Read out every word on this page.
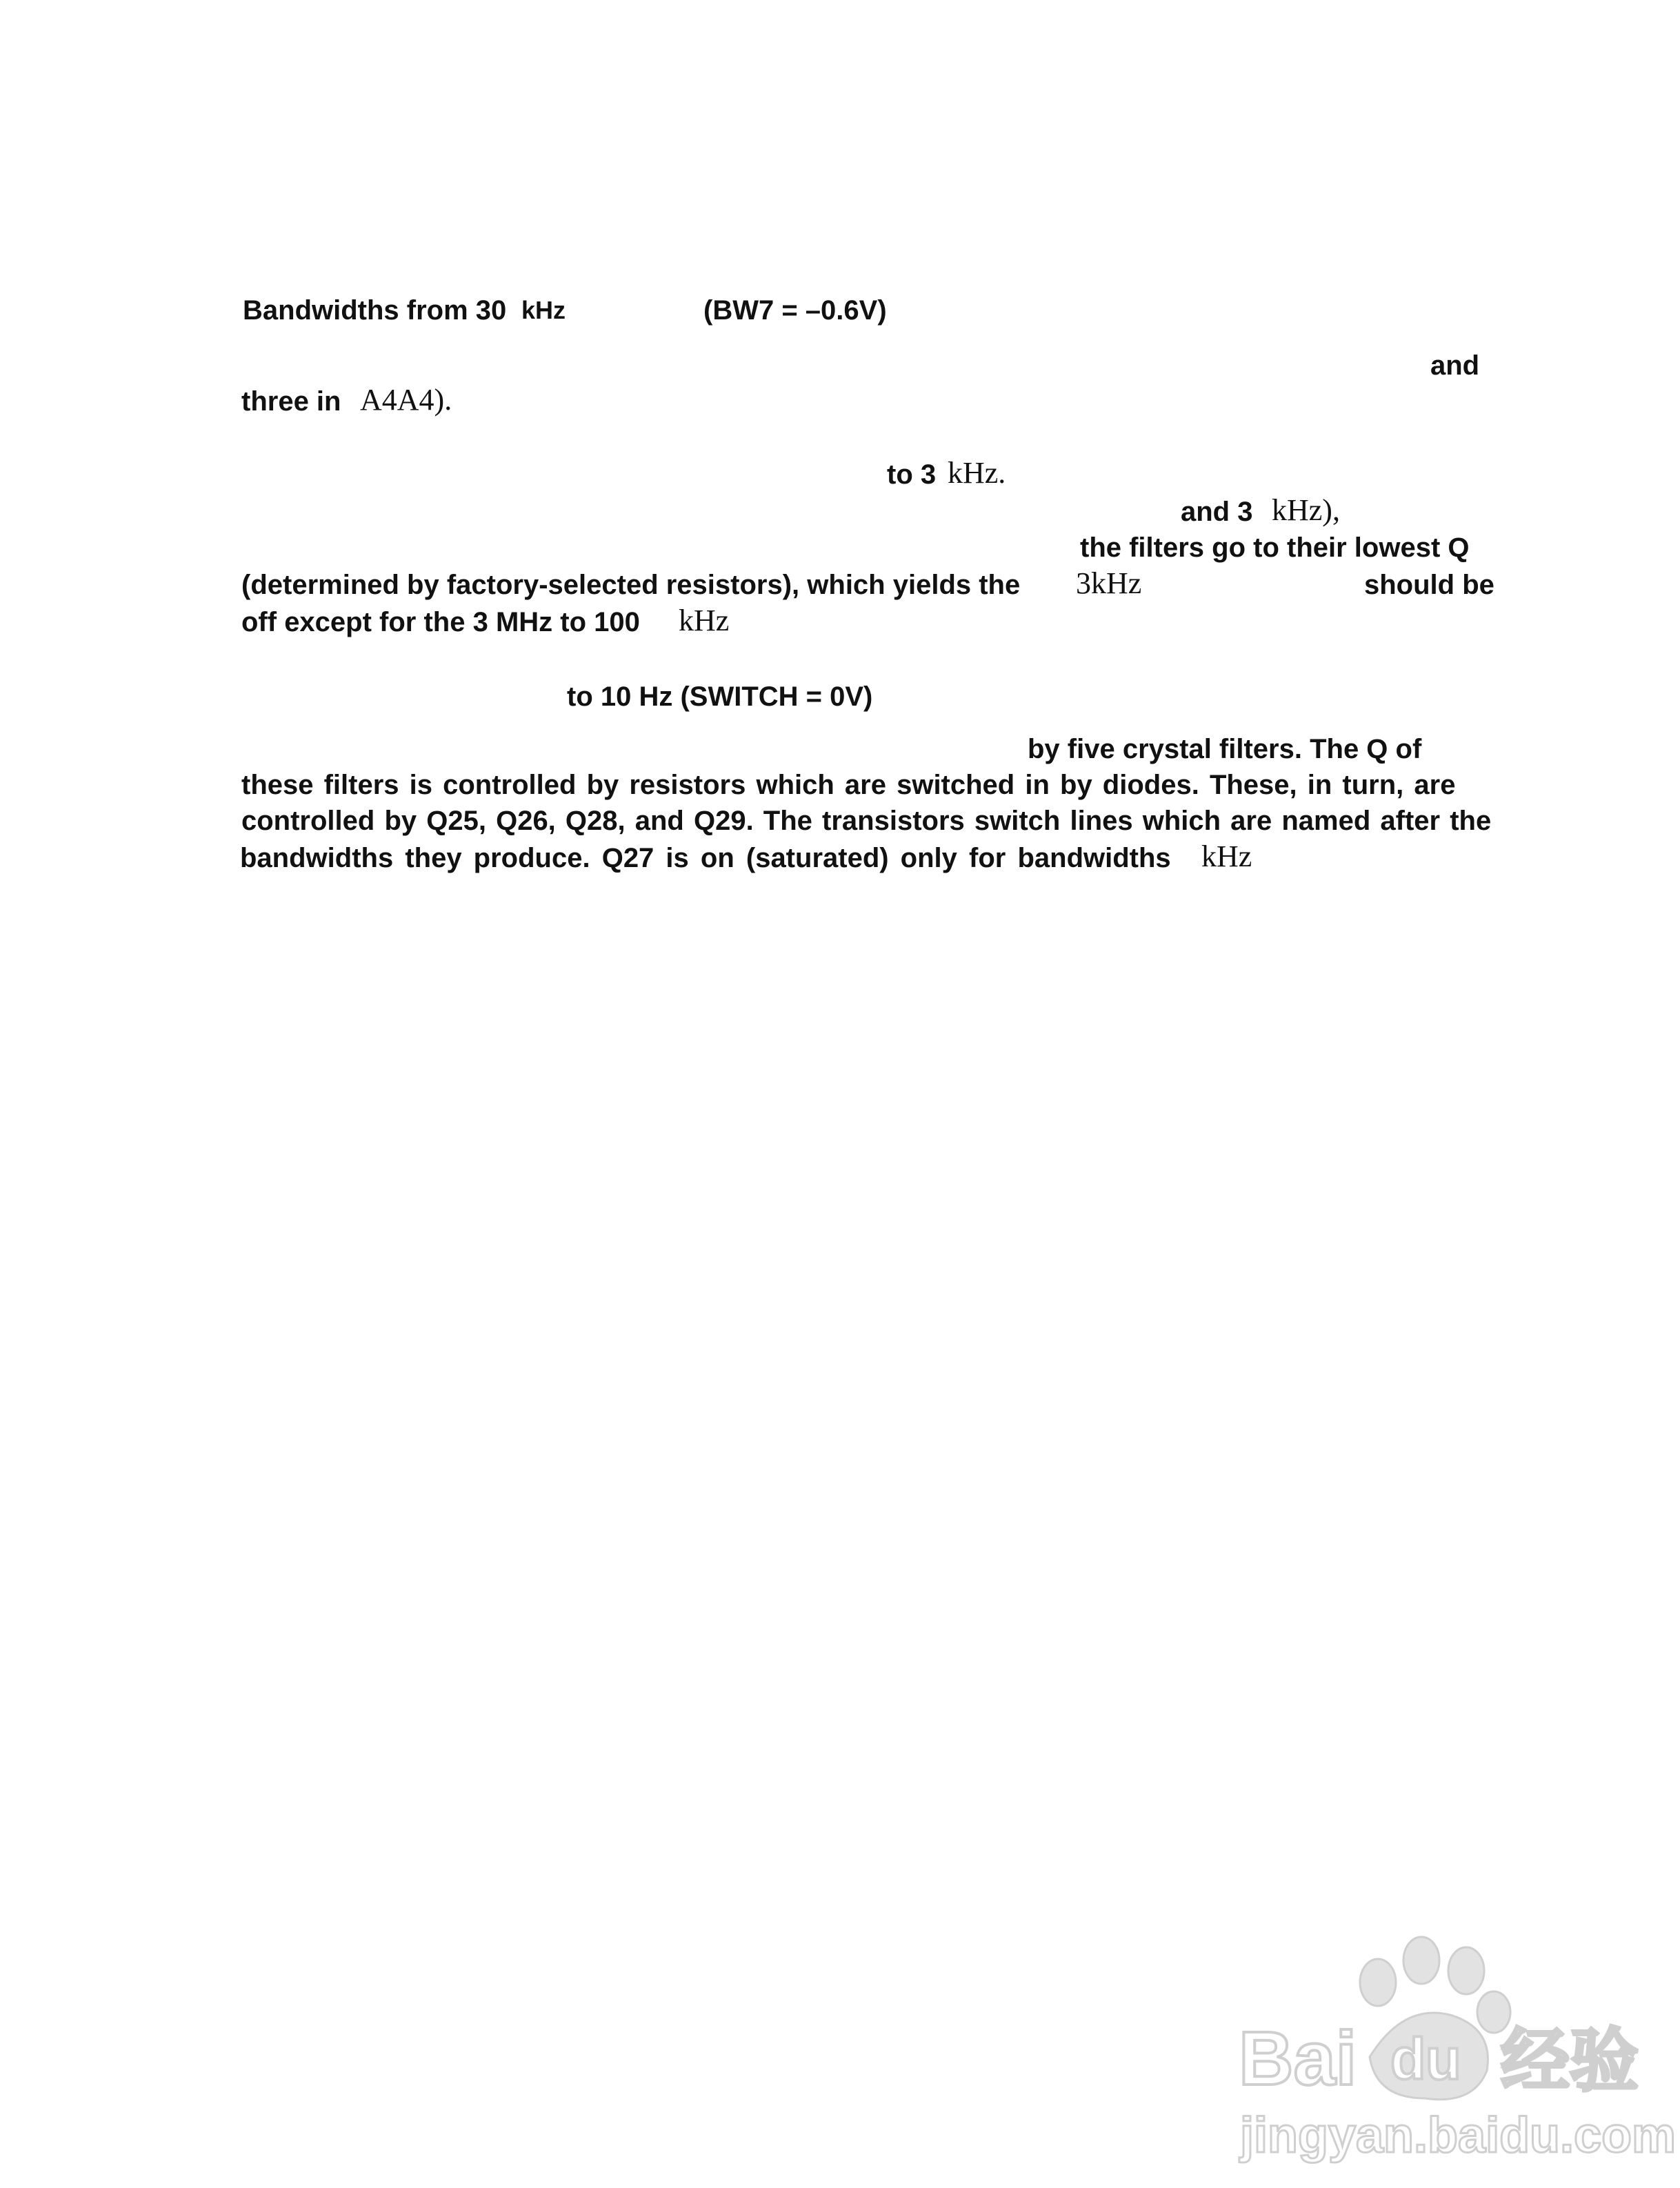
Bandwidths from 30 kHz	(BW7 = –0.6V)
and
three in A4A4).
to 3 kHz.
and 3 kHz),
the filters go to their lowest Q
(determined by factory-selected resistors), which yields the 3kHz	should be
off except for the 3 MHz to 100 kHz
to 10 Hz (SWITCH = 0V)
by five crystal filters. The Q of
these filters is controlled by resistors which are switched in by diodes. These, in turn, are
controlled by Q25, Q26, Q28, and Q29. The transistors switch lines which are named after the
bandwidths they produce. Q27 is on (saturated) only for bandwidths kHz
Bai du 经验
jingyan.baidu.com
